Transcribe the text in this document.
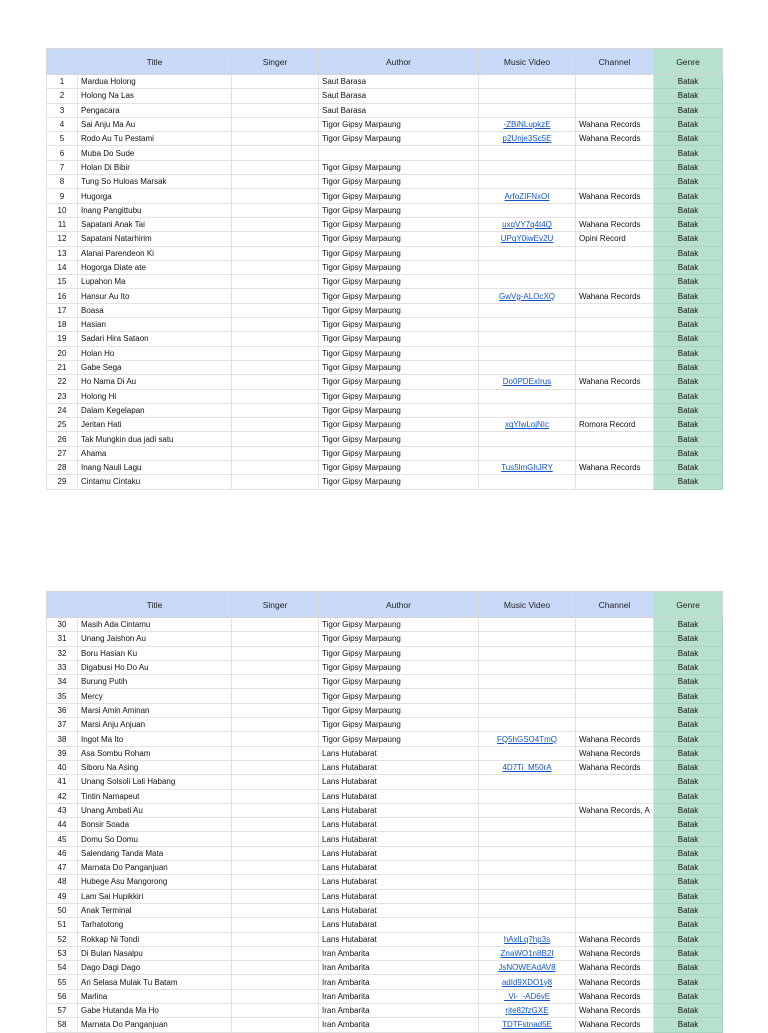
	Title	Singer	Author	Music Video	Channel	Genre
1	Mardua Holong		Saut Barasa			Batak
2	Holong Na Las		Saut Barasa			Batak
3	Pengacara		Saut Barasa			Batak
4	Sai Anju Ma Au		Tigor Gipsy Marpaung	-ZBiNLupkzE	Wahana Records	Batak
5	Rodo Au Tu Pestami		Tigor Gipsy Marpaung	p2Unje3Sc5E	Wahana Records	Batak
6	Muba Do Sude					Batak
7	Holan Di Bibir		Tigor Gipsy Marpaung			Batak
8	Tung So Huloas Marsak		Tigor Gipsy Marpaung			Batak
9	Hugorga		Tigor Gipsy Marpaung	ArfoZIFNxOI	Wahana Records	Batak
10	Inang Pangittubu		Tigor Gipsy Marpaung			Batak
11	Sapatani Anak Tai		Tigor Gipsy Marpaung	uxqVY7q4t4Q	Wahana Records	Batak
12	Sapatani Natarhirim		Tigor Gipsy Marpaung	UPqY0iwEv2U	Opini Record	Batak
13	Alanai Parendeon Ki		Tigor Gipsy Marpaung			Batak
14	Hogorga Diate ate		Tigor Gipsy Marpaung			Batak
15	Lupahon Ma		Tigor Gipsy Marpaung			Batak
16	Hansur Au Ito		Tigor Gipsy Marpaung	GwVg-ALOcXQ	Wahana Records	Batak
17	Boasa		Tigor Gipsy Marpaung			Batak
18	Hasian		Tigor Gipsy Marpaung			Batak
19	Sadari Hira Sataon		Tigor Gipsy Marpaung			Batak
20	Holan Ho		Tigor Gipsy Marpaung			Batak
21	Gabe Sega		Tigor Gipsy Marpaung			Batak
22	Ho Nama Di Au		Tigor Gipsy Marpaung	Do0PDExIrus	Wahana Records	Batak
23	Holong Hi		Tigor Gipsy Marpaung			Batak
24	Dalam Kegelapan		Tigor Gipsy Marpaung			Batak
25	Jeritan Hati		Tigor Gipsy Marpaung	xqYlwLojNIc	Romora Record	Batak
26	Tak Mungkin dua jadi satu		Tigor Gipsy Marpaung			Batak
27	Ahama		Tigor Gipsy Marpaung			Batak
28	Inang Nauli Lagu		Tigor Gipsy Marpaung	Tus5lmGhJRY	Wahana Records	Batak
29	Cintamu Cintaku		Tigor Gipsy Marpaung			Batak
	Title	Singer	Author	Music Video	Channel	Genre
30	Masih Ada Cintamu		Tigor Gipsy Marpaung			Batak
31	Unang Jaishon Au		Tigor Gipsy Marpaung			Batak
32	Boru Hasian Ku		Tigor Gipsy Marpaung			Batak
33	Digabusi Ho Do Au		Tigor Gipsy Marpaung			Batak
34	Burung Putih		Tigor Gipsy Marpaung			Batak
35	Mercy		Tigor Gipsy Marpaung			Batak
36	Marsi Amin Aminan		Tigor Gipsy Marpaung			Batak
37	Marsi Anju Anjuan		Tigor Gipsy Marpaung			Batak
38	Ingot Ma Ito		Tigor Gipsy Marpaung	FQ5hGSO4TmQ	Wahana Records	Batak
39	Asa Sombu Roham		Lans Hutabarat		Wahana Records	Batak
40	Siboru Na Asing		Lans Hutabarat	4D7Ti_M50rA	Wahana Records	Batak
41	Unang Solsoli Lali Habang		Lans Hutabarat			Batak
42	Tintin Namapeut		Lans Hutabarat			Batak
43	Unang Ambati Au		Lans Hutabarat		Wahana Records, A	Batak
44	Bonsir Soada		Lans Hutabarat			Batak
45	Domu So Domu		Lans Hutabarat			Batak
46	Salendang Tanda Mata		Lans Hutabarat			Batak
47	Marnata Do Panganjuan		Lans Hutabarat			Batak
48	Hubege Asu Mangorong		Lans Hutabarat			Batak
49	Lam Sai Hupikkiri		Lans Hutabarat			Batak
50	Anak Terminal		Lans Hutabarat			Batak
51	Tarhatotong		Lans Hutabarat			Batak
52	Rokkap Ni Tondi		Lans Hutabarat	hAxlLq7hp3s	Wahana Records	Batak
53	Di Bulan Nasalpu		Iran Ambarita	ZnaWO1n8B2I	Wahana Records	Batak
54	Dago Dagi Dago		Iran Ambarita	JsNOWEAdAV8	Wahana Records	Batak
55	Ari Selasa Mulak Tu Batam		Iran Ambarita	adId9XDO1y8	Wahana Records	Batak
56	Marlina		Iran Ambarita	_Vi-_-AD6vE	Wahana Records	Batak
57	Gabe Hutanda Ma Ho		Iran Ambarita	rjte82fzGXE	Wahana Records	Batak
58	Marnata Do Panganjuan		Iran Ambarita	TDTFstnad5E	Wahana Records	Batak
